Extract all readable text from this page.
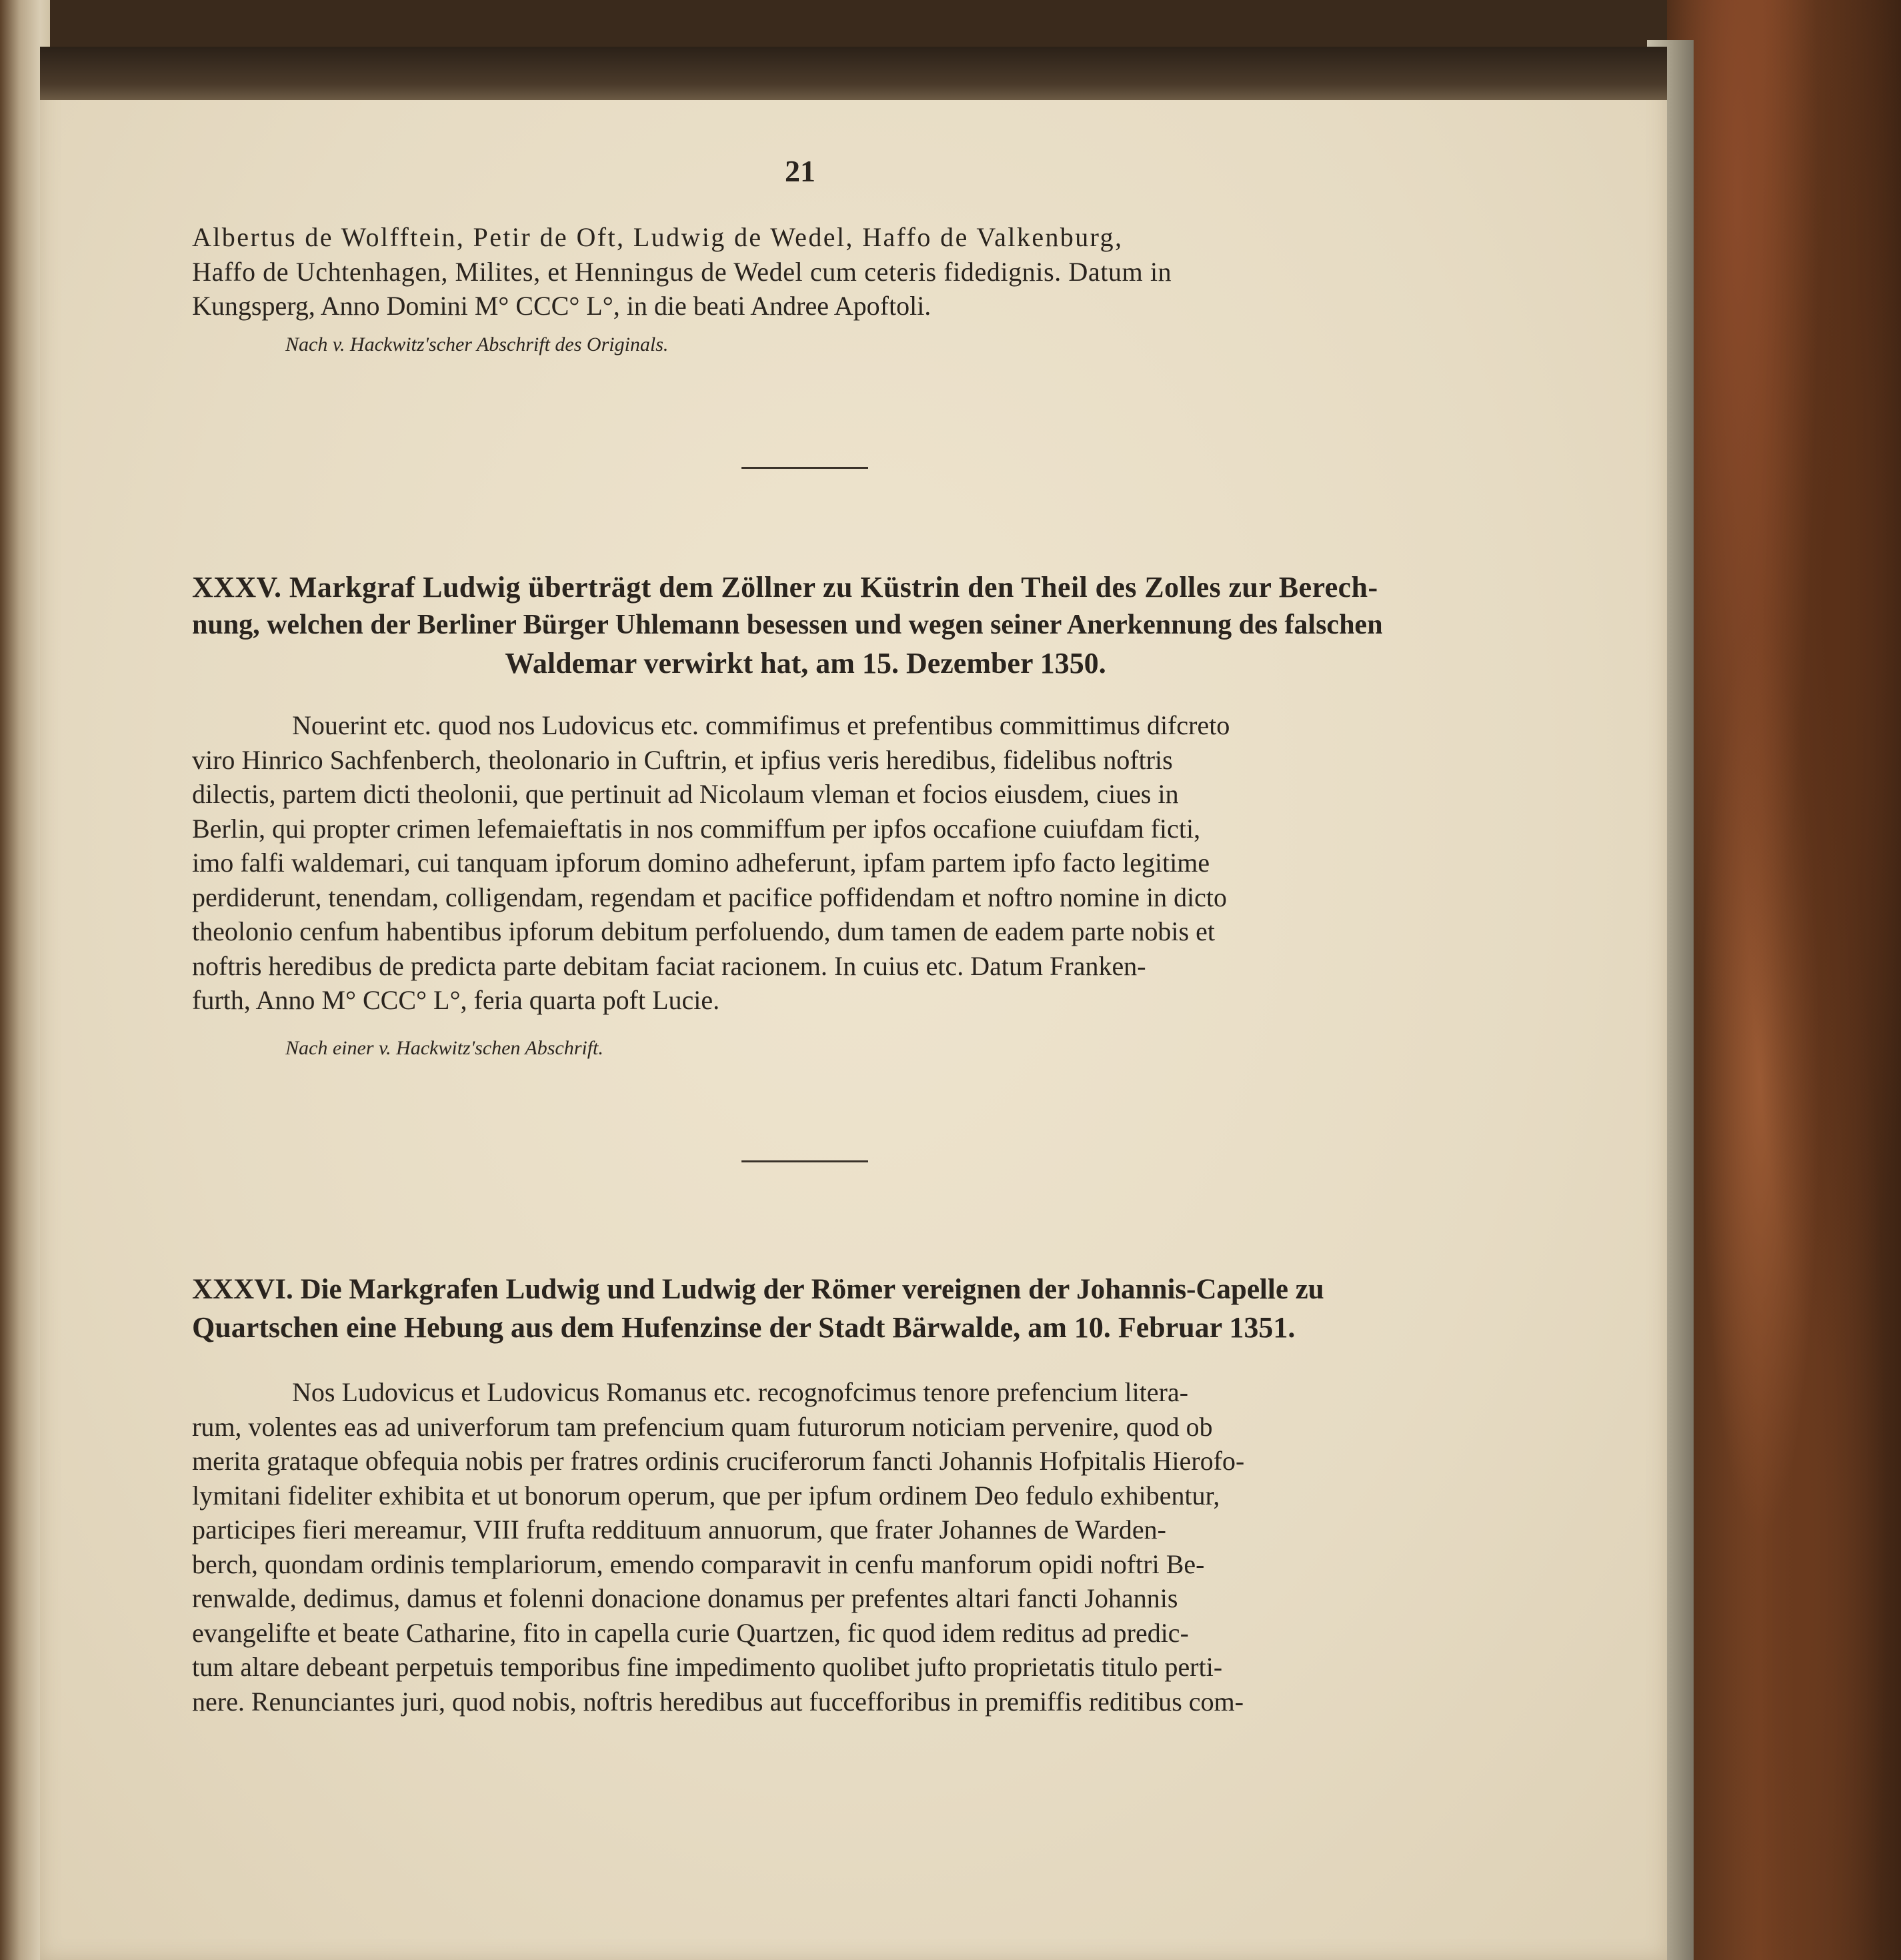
21
Albertus de Wolfftein, Petir de Oft, Ludwig de Wedel, Haffo de Valkenburg,
Haffo de Uchtenhagen, Milites, et Henningus de Wedel cum ceteris fidedignis. Datum in
Kungsperg, Anno Domini M° CCC° L°, in die beati Andree Apoftoli.
Nach v. Hackwitz'scher Abschrift des Originals.
XXXV. Markgraf Ludwig überträgt dem Zöllner zu Küstrin den Theil des Zolles zur Berech-
nung, welchen der Berliner Bürger Uhlemann besessen und wegen seiner Anerkennung des falschen
Waldemar verwirkt hat, am 15. Dezember 1350.
Nouerint etc. quod nos Ludovicus etc. commifimus et prefentibus committimus difcreto
viro Hinrico Sachfenberch, theolonario in Cuftrin, et ipfius veris heredibus, fidelibus noftris
dilectis, partem dicti theolonii, que pertinuit ad Nicolaum vleman et focios eiusdem, ciues in
Berlin, qui propter crimen lefemaieftatis in nos commiffum per ipfos occafione cuiufdam ficti,
imo falfi waldemari, cui tanquam ipforum domino adheferunt, ipfam partem ipfo facto legitime
perdiderunt, tenendam, colligendam, regendam et pacifice poffidendam et noftro nomine in dicto
theolonio cenfum habentibus ipforum debitum perfoluendo, dum tamen de eadem parte nobis et
noftris heredibus de predicta parte debitam faciat racionem. In cuius etc. Datum Franken-
furth, Anno M° CCC° L°, feria quarta poft Lucie.
Nach einer v. Hackwitz'schen Abschrift.
XXXVI. Die Markgrafen Ludwig und Ludwig der Römer vereignen der Johannis-Capelle zu
Quartschen eine Hebung aus dem Hufenzinse der Stadt Bärwalde, am 10. Februar 1351.
Nos Ludovicus et Ludovicus Romanus etc. recognofcimus tenore prefencium litera-
rum, volentes eas ad univerforum tam prefencium quam futurorum noticiam pervenire, quod ob
merita grataque obfequia nobis per fratres ordinis cruciferorum fancti Johannis Hofpitalis Hierofo-
lymitani fideliter exhibita et ut bonorum operum, que per ipfum ordinem Deo fedulo exhibentur,
participes fieri mereamur, VIII frufta reddituum annuorum, que frater Johannes de Warden-
berch, quondam ordinis templariorum, emendo comparavit in cenfu manforum opidi noftri Be-
renwalde, dedimus, damus et folenni donacione donamus per prefentes altari fancti Johannis
evangelifte et beate Catharine, fito in capella curie Quartzen, fic quod idem reditus ad predic-
tum altare debeant perpetuis temporibus fine impedimento quolibet jufto proprietatis titulo perti-
nere. Renunciantes juri, quod nobis, noftris heredibus aut fuccefforibus in premiffis reditibus com-
